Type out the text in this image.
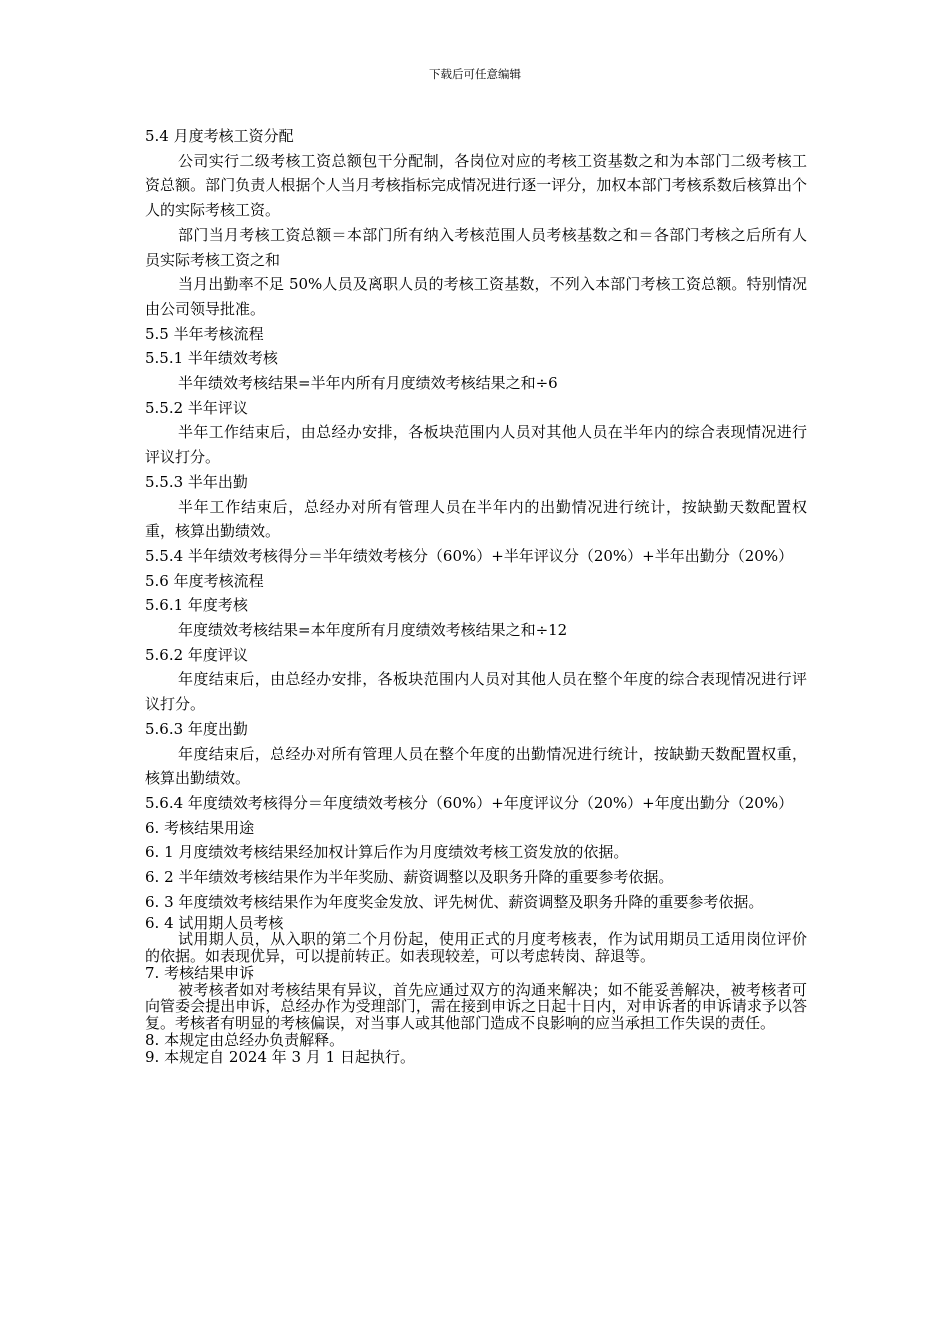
下载后可任意编辑

5.4 月度考核工资分配

公司实行二级考核工资总额包干分配制，各岗位对应的考核工资基数之和为本部门二级考核工资总额。部门负责人根据个人当月考核指标完成情况进行逐一评分，加权本部门考核系数后核算出个人的实际考核工资。

部门当月考核工资总额＝本部门所有纳入考核范围人员考核基数之和＝各部门考核之后所有人员实际考核工资之和

当月出勤率不足 50%人员及离职人员的考核工资基数，不列入本部门考核工资总额。特别情况由公司领导批准。

5.5 半年考核流程

5.5.1 半年绩效考核

半年绩效考核结果=半年内所有月度绩效考核结果之和÷6

5.5.2 半年评议

半年工作结束后，由总经办安排，各板块范围内人员对其他人员在半年内的综合表现情况进行评议打分。

5.5.3 半年出勤

半年工作结束后，总经办对所有管理人员在半年内的出勤情况进行统计，按缺勤天数配置权重，核算出勤绩效。

5.5.4 半年绩效考核得分＝半年绩效考核分（60%）+半年评议分（20%）+半年出勤分（20%）

5.6 年度考核流程

5.6.1 年度考核

年度绩效考核结果=本年度所有月度绩效考核结果之和÷12

5.6.2 年度评议

年度结束后，由总经办安排，各板块范围内人员对其他人员在整个年度的综合表现情况进行评议打分。

5.6.3 年度出勤

年度结束后，总经办对所有管理人员在整个年度的出勤情况进行统计，按缺勤天数配置权重，核算出勤绩效。

5.6.4 年度绩效考核得分＝年度绩效考核分（60%）+年度评议分（20%）+年度出勤分（20%）

6. 考核结果用途

6. 1 月度绩效考核结果经加权计算后作为月度绩效考核工资发放的依据。

6. 2 半年绩效考核结果作为半年奖励、薪资调整以及职务升降的重要参考依据。

6. 3 年度绩效考核结果作为年度奖金发放、评先树优、薪资调整及职务升降的重要参考依据。

6. 4 试用期人员考核

试用期人员，从入职的第二个月份起，使用正式的月度考核表，作为试用期员工适用岗位评价的依据。如表现优异，可以提前转正。如表现较差，可以考虑转岗、辞退等。

7. 考核结果申诉

被考核者如对考核结果有异议，首先应通过双方的沟通来解决；如不能妥善解决，被考核者可向管委会提出申诉，总经办作为受理部门，需在接到申诉之日起十日内，对申诉者的申诉请求予以答复。考核者有明显的考核偏误，对当事人或其他部门造成不良影响的应当承担工作失误的责任。

8. 本规定由总经办负责解释。

9. 本规定自 2024 年 3 月 1 日起执行。
